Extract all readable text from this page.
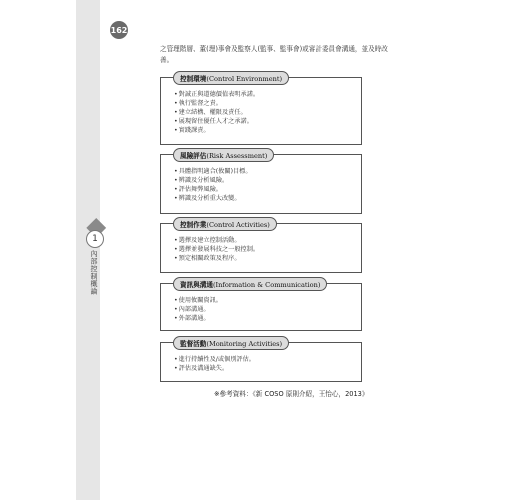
162
1
內部控制概論
之管理階層、董(理)事會及監察人(監事、監事會)或審計委員會溝通，並及時改善。
控制環境(Control Environment)
• 對誠正與道德價值表明承諾。
• 執行監督之責。
• 建立結構、權限及責任。
• 展現留住優任人才之承諾。
• 實踐課責。
風險評估(Risk Assessment)
• 具體指明適合(攸關)目標。
• 辨識及分析風險。
• 評估舞弊風險。
• 辨識及分析重大改變。
控制作業(Control Activities)
• 選擇及建立控制活動。
• 選擇並發展科技之一般控制。
• 預定相關政策及程序。
資訊與溝通(Information & Communication)
• 使用攸關資訊。
• 內部溝通。
• 外部溝通。
監督活動(Monitoring Activities)
• 進行持續性及/或個別評估。
• 評估及溝通缺失。
※參考資料：《新 COSO 原則介紹，王怡心，2013》
